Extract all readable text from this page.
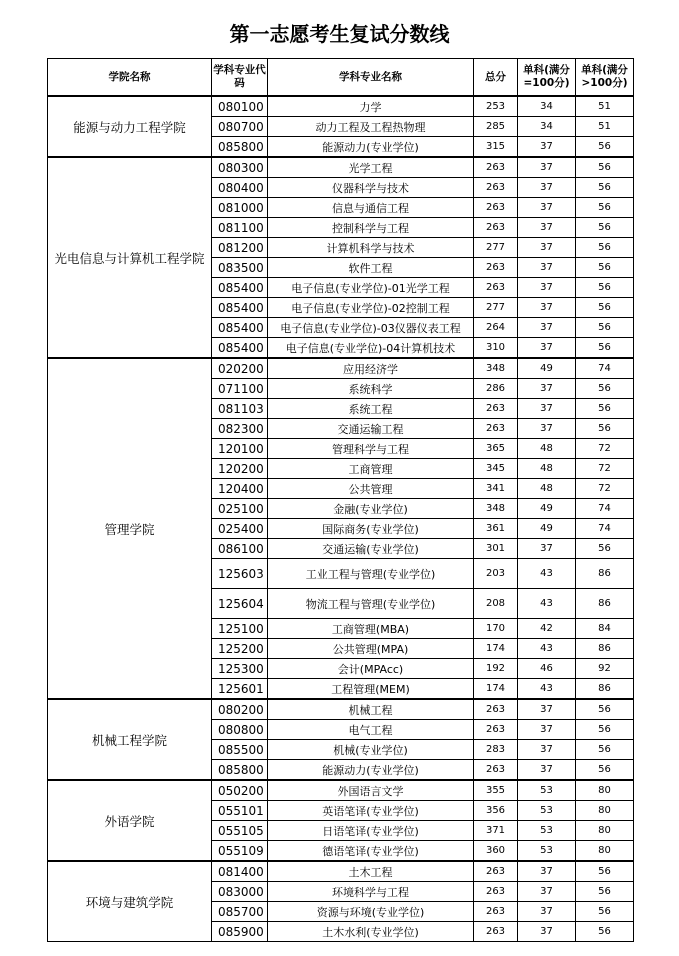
第一志愿考生复试分数线
学院名称	学科专业代码	学科专业名称	总分	单科(满分=100分)	单科(满分>100分)
能源与动力工程学院	080100	力学	253	34	51
	080700	动力工程及工程热物理	285	34	51
	085800	能源动力(专业学位)	315	37	56
光电信息与计算机工程学院	080300	光学工程	263	37	56
	080400	仪器科学与技术	263	37	56
	081000	信息与通信工程	263	37	56
	081100	控制科学与工程	263	37	56
	081200	计算机科学与技术	277	37	56
	083500	软件工程	263	37	56
	085400	电子信息(专业学位)-01光学工程	263	37	56
	085400	电子信息(专业学位)-02控制工程	277	37	56
	085400	电子信息(专业学位)-03仪器仪表工程	264	37	56
	085400	电子信息(专业学位)-04计算机技术	310	37	56
管理学院	020200	应用经济学	348	49	74
	071100	系统科学	286	37	56
	081103	系统工程	263	37	56
	082300	交通运输工程	263	37	56
	120100	管理科学与工程	365	48	72
	120200	工商管理	345	48	72
	120400	公共管理	341	48	72
	025100	金融(专业学位)	348	49	74
	025400	国际商务(专业学位)	361	49	74
	086100	交通运输(专业学位)	301	37	56
	125603	工业工程与管理(专业学位)	203	43	86
	125604	物流工程与管理(专业学位)	208	43	86
	125100	工商管理(MBA)	170	42	84
	125200	公共管理(MPA)	174	43	86
	125300	会计(MPAcc)	192	46	92
	125601	工程管理(MEM)	174	43	86
机械工程学院	080200	机械工程	263	37	56
	080800	电气工程	263	37	56
	085500	机械(专业学位)	283	37	56
	085800	能源动力(专业学位)	263	37	56
外语学院	050200	外国语言文学	355	53	80
	055101	英语笔译(专业学位)	356	53	80
	055105	日语笔译(专业学位)	371	53	80
	055109	德语笔译(专业学位)	360	53	80
环境与建筑学院	081400	土木工程	263	37	56
	083000	环境科学与工程	263	37	56
	085700	资源与环境(专业学位)	263	37	56
	085900	土木水利(专业学位)	263	37	56
